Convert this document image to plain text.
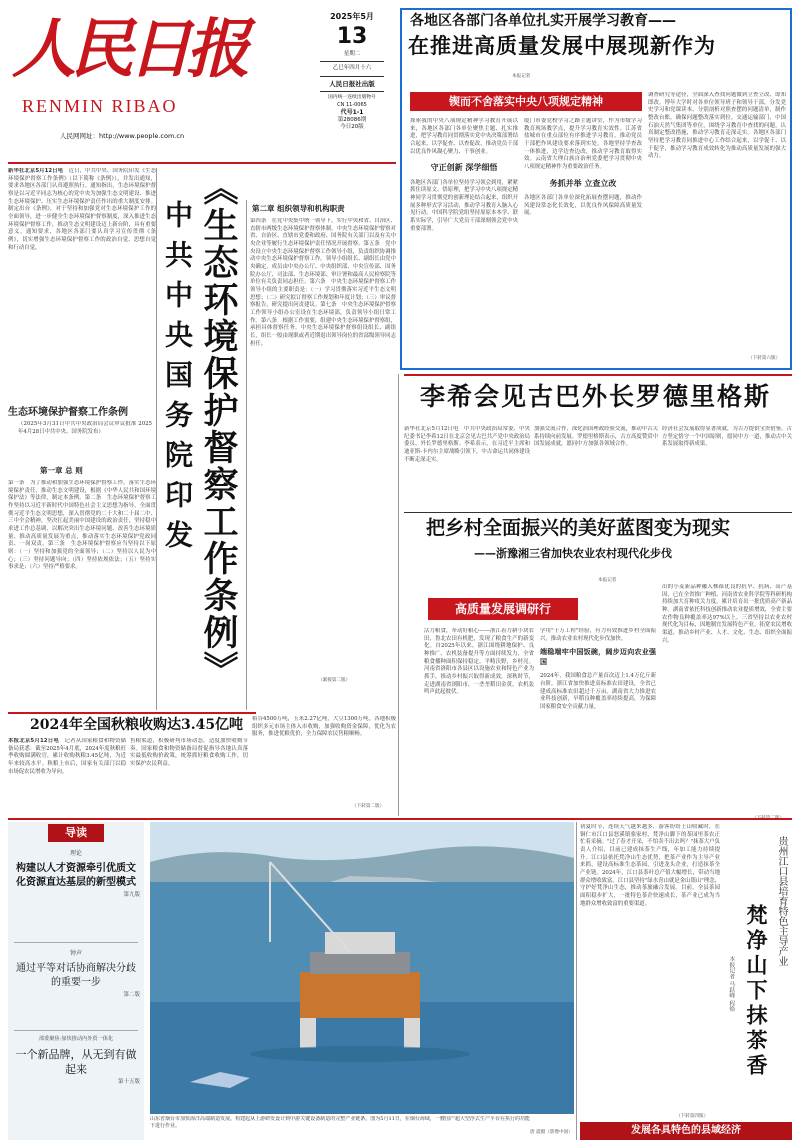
人民日报
RENMIN RIBAO
人民网网址：http://www.people.com.cn
2025年5月
13
星期二
乙巳年四月十六
人民日报社出版
国内统一连续出版物号
CN 11-0065
代号1-1
第28086期
今日20版
各地区各部门各单位扎实开展学习教育——
在推进高质量发展中展现新作为
本报记者
锲而不舍落实中央八项规定精神
探索我的中央八项规定精神学习教育开展以来，各地区各部门各单位聚焦主题、扎实推进，把学习教育同贯彻落实党中央决策部署结合起来，以学促查、以查促改，推动党员干部以优良作风凝心聚力、干事创业。
守正创新 深学细悟
各地区各部门各单位坚持学习领会到用，紧紧抓住读原文、悟原理，把学习中央八项规定精神同学习贯彻党的创新理论结合起来，组织开展多种形式学习活动，推动学习教育入脑入心见行动。中国科学院党组坚持原原本本学、联系实际学，引导广大党员干部深刻领会党中央重要部署。
厦门市委党校学习之路主题讲堂，作为市级学习教育现场教学点，提升学习教育实效性。江苏省盐城市在重点部位有序推进学习教育，推动党员干部把作风建设要求落到实处。各地坚持学查改一体推进，边学边查边改，推动学习教育取得实效。云南省大理白族自治州党委把学习贯彻中央八项规定精神作为重要政治任务。
务抓并举 立查立改
各地区各部门各单位深化拓展查摆问题，推动作风建设常态化长效化，以优良作风保障高质量发展。
调查研究等途径，全面深入查找问题做到立查立改、即知即改。博年大学时对各单位领导班子和领导干部，分发党史学习和党课读本。分别剖析对照查摆的问题清单，制作整改台账。确保问题整改落实到位。交通运输部门、中国石油天然气集团等单位，围绕学习教育中查找的问题，认真制定整改措施，推动学习教育走深走实。各地区各部门坚持把学习教育同推进中心工作结合起来，以学促干、以干促学，推动学习教育成效转化为推动高质量发展的强大动力。
（下转第六版）
新华社北京5月12日电　近日，中共中央、国务院印发《生态环境保护督察工作条例》（以下简称《条例》），并发出通知，要求各地区各部门认真遵照执行。通知指出，生态环境保护督察是以习近平同志为核心的党中央为加强生态文明建设、推进生态环境保护、压实生态环境保护责任作出的重大制度安排。制定出台《条例》，对于坚持和加强党对生态环境保护工作的全面领导，进一步健全生态环境保护督察制度，深入推进生态环境保护督察工作，推动生态文明建设迈上新台阶，具有重要意义。通知要求，各地区各部门要认真学习宣传贯彻《条例》，切实增强生态环境保护督察工作的政治自觉、思想自觉和行动自觉。
生态环境保护督察工作条例
（2025年3月31日中共中央政治局会议审议批准 2025年4月28日中共中央、国务院发布）
第一章 总 则
第一条　为了推动和加强生态环境保护督察工作，落实生态环境保护责任，推动生态文明建设，根据《中华人民共和国环境保护法》等法律，制定本条例。第二条　生态环境保护督察工作坚持以习近平新时代中国特色社会主义思想为指导，全面贯彻习近平生态文明思想，深入贯彻党的二十大和二十届二中、三中全会精神，坚决扛起美丽中国建设的政治责任，坚持稳中求进工作总基调，以解决突出生态环境问题、改善生态环境质量、推动高质量发展为重点，推动落实生态环境保护党政同责、一岗双责。第三条　生态环境保护督察应当坚持以下原则：（一）坚持和加强党的全面领导；（二）坚持以人民为中心；（三）坚持问题导向；（四）坚持依规依法；（五）坚持实事求是；（六）坚持严格要求。	《生态环境保护督察工作条例》
中共中央国务院印发	第二章 组织领导和机构职责
第四条　在党中央集中统一领导下，实行中央和省、自治区、直辖市两级生态环境保护督察体制。中央生态环境保护督察对省、自治区、直辖市党委和政府、国务院有关部门以及有关中央企业等履行生态环境保护责任情况开展督察。第五条　党中央设立中央生态环境保护督察工作领导小组，负责组织协调推动中央生态环境保护督察工作。领导小组组长、副组长由党中央确定，成员由中央办公厅、中央组织部、中央宣传部、国务院办公厅、司法部、生态环境部、审计署和最高人民检察院等单位有关负责同志担任。第六条　中央生态环境保护督察工作领导小组的主要职责是：（一）学习贯彻落实习近平生态文明思想；（二）研究拟订督察工作规划和年度计划；（三）审议督察报告，研究提出问责建议。第七条　中央生态环境保护督察工作领导小组办公室设在生态环境部，负责领导小组日常工作。第八条　根据工作需要，组建中央生态环境保护督察组，承担具体督察任务。中央生态环境保护督察组设组长、副组长，组长一般由现职或者近期退出领导岗位的省部级领导同志担任。
（紧接第二版）
李希会见古巴外长罗德里格斯
新华社北京5月12日电　中共中央政治局常委、中央纪委书记李希12日在北京会见古巴共产党中央政治局委员、外长罗德里格斯。李希表示，在习近平主席和迪亚斯-卡内尔主席战略引领下，中古命运共同体建设不断走深走实。
加强交流合作，深化治国理政经验交流，推动中古关系持续向前发展。罗德里格斯表示，古方高度赞赏中国发展成就，愿同中方加强各领域合作。
经济社会发展取得显著成就，为古方提供宝贵借鉴。古方坚定恪守一个中国原则，愿同中方一道，推动古中关系发展取得新成果。
把乡村全面振兴的美好蓝图变为现实
——浙豫湘三省加快农业农村现代化步伐
本报记者
高质量发展调研行
活力粮食，牵动好粮心——浙江着力耕小块农田，鲁北农田有机肥，发现了粮食生产的新变化。自2025年以来，浙江围绕耕地保护、良种推广、农机装备提升等方面持续发力，全省粮食播种面积保持稳定。平畴沃野，乡村亮。河南省洛阳市各县区以设施农业和特色产业为抓手，推动乡村振兴取得新成效。深秋时节，走进湖南省浏阳市，一垄垄稻田金黄，农机轰鸣声此起彼伏。
学用"千万工程"经验，有力有效推进乡村全面振兴，推动农业农村现代化步伐加快。
端稳端牢中国饭碗，阔步迈向农业强国
2024年，我国粮食总产量首次迈上1.4万亿斤新台阶。浙江省加快推进高标准农田建设，全省已建成高标准农田超过千万亩。湖南省大力推进农业科技创新，早稻良种覆盖率持续提高，为保障国家粮食安全贡献力量。
出的小麦新品种融入株葆优良的抗旱、抗病、高产基因，已在全省推广种植。河南省农业科学院等科研机构持续加大育种攻关力度，累计培育出一批优质高产新品种。湖南省依托科技创新推动农业提质增效，全省主要农作物良种覆盖率达97%以上。三省坚持以农业农村现代化为目标，因地制宜发展特色产业，拓宽农民增收渠道，推动乡村产业、人才、文化、生态、组织全面振兴。
2024年全国秋粮收购达3.45亿吨
本报北京5月12日电　记者从国家粮食和物资储备局获悉：截至2025年4月底，2024年度秋粮旺季收购圆满收官，累计收购秋粮3.45亿吨，为近年来较高水平。秋粮上市后，国家有关部门以稳市场促农民增收为导向。
售粮渠道，积极研判市场动态，适度加快收购节奏。国家粮食和物资储备局督促指导各地认真落实最低收购价政策，统筹抓好粮食收购工作，切实保护农民利益。
稻谷4500万吨，玉米2.27亿吨，大豆1300万吨。各地积极组织多元市场主体入市收购，加强收购资金保障，优化为农服务，推进优粮优价，全力保障农民售粮顺畅。
（下转第二版）
导读
理论
构建以人才资源牵引优质文化资源直达基层的新型模式
第九版
钟声
通过平等对话协商解决分歧的重要一步
第二版
部委聚焦·加快推动内外贸一体化
一个新品牌，从无到有做起来
第十五版
山东省烟台市加快海洋高端制造发展。构建起从上游研发设计到中游关键设备制造的完整产业链条。图为5月11日，在烟台海域，一艘国产超大型浮式生产平台在执行的功能下进行作业。
唐 震摄（影像中国）
初夏时节，连续天气越来越多，游客纷纷上山收藏时，在铜仁市江口县怒溪镇骆家村，梵净山脚下的茶园里茶农正忙着采摘。"过了春才开采，不怕卖不出去吗？"抹茶大户负责人介绍，目前已建成抹茶生产线，年加工能力持续提升。江口县依托梵净山生态优势，把茶产业作为主导产业来抓，建设高标准生态茶园，引进龙头企业，打造抹茶全产业链。2024年，江口县茶叶总产值大幅增长，带动当地群众增收致富。江口县坚持"绿水青山就是金山银山"理念，守护好梵净山生态，推动茶旅融合发展。目前，全县茶园面积稳步扩大，一批特色茶企快速成长，茶产业已成为当地群众增收致富的重要渠道。	贵州江口县培育特色主导产业
梵净山下抹茶香
本报记者 马跃峰 程焕
（下转第四版）
发展各具特色的县域经济
